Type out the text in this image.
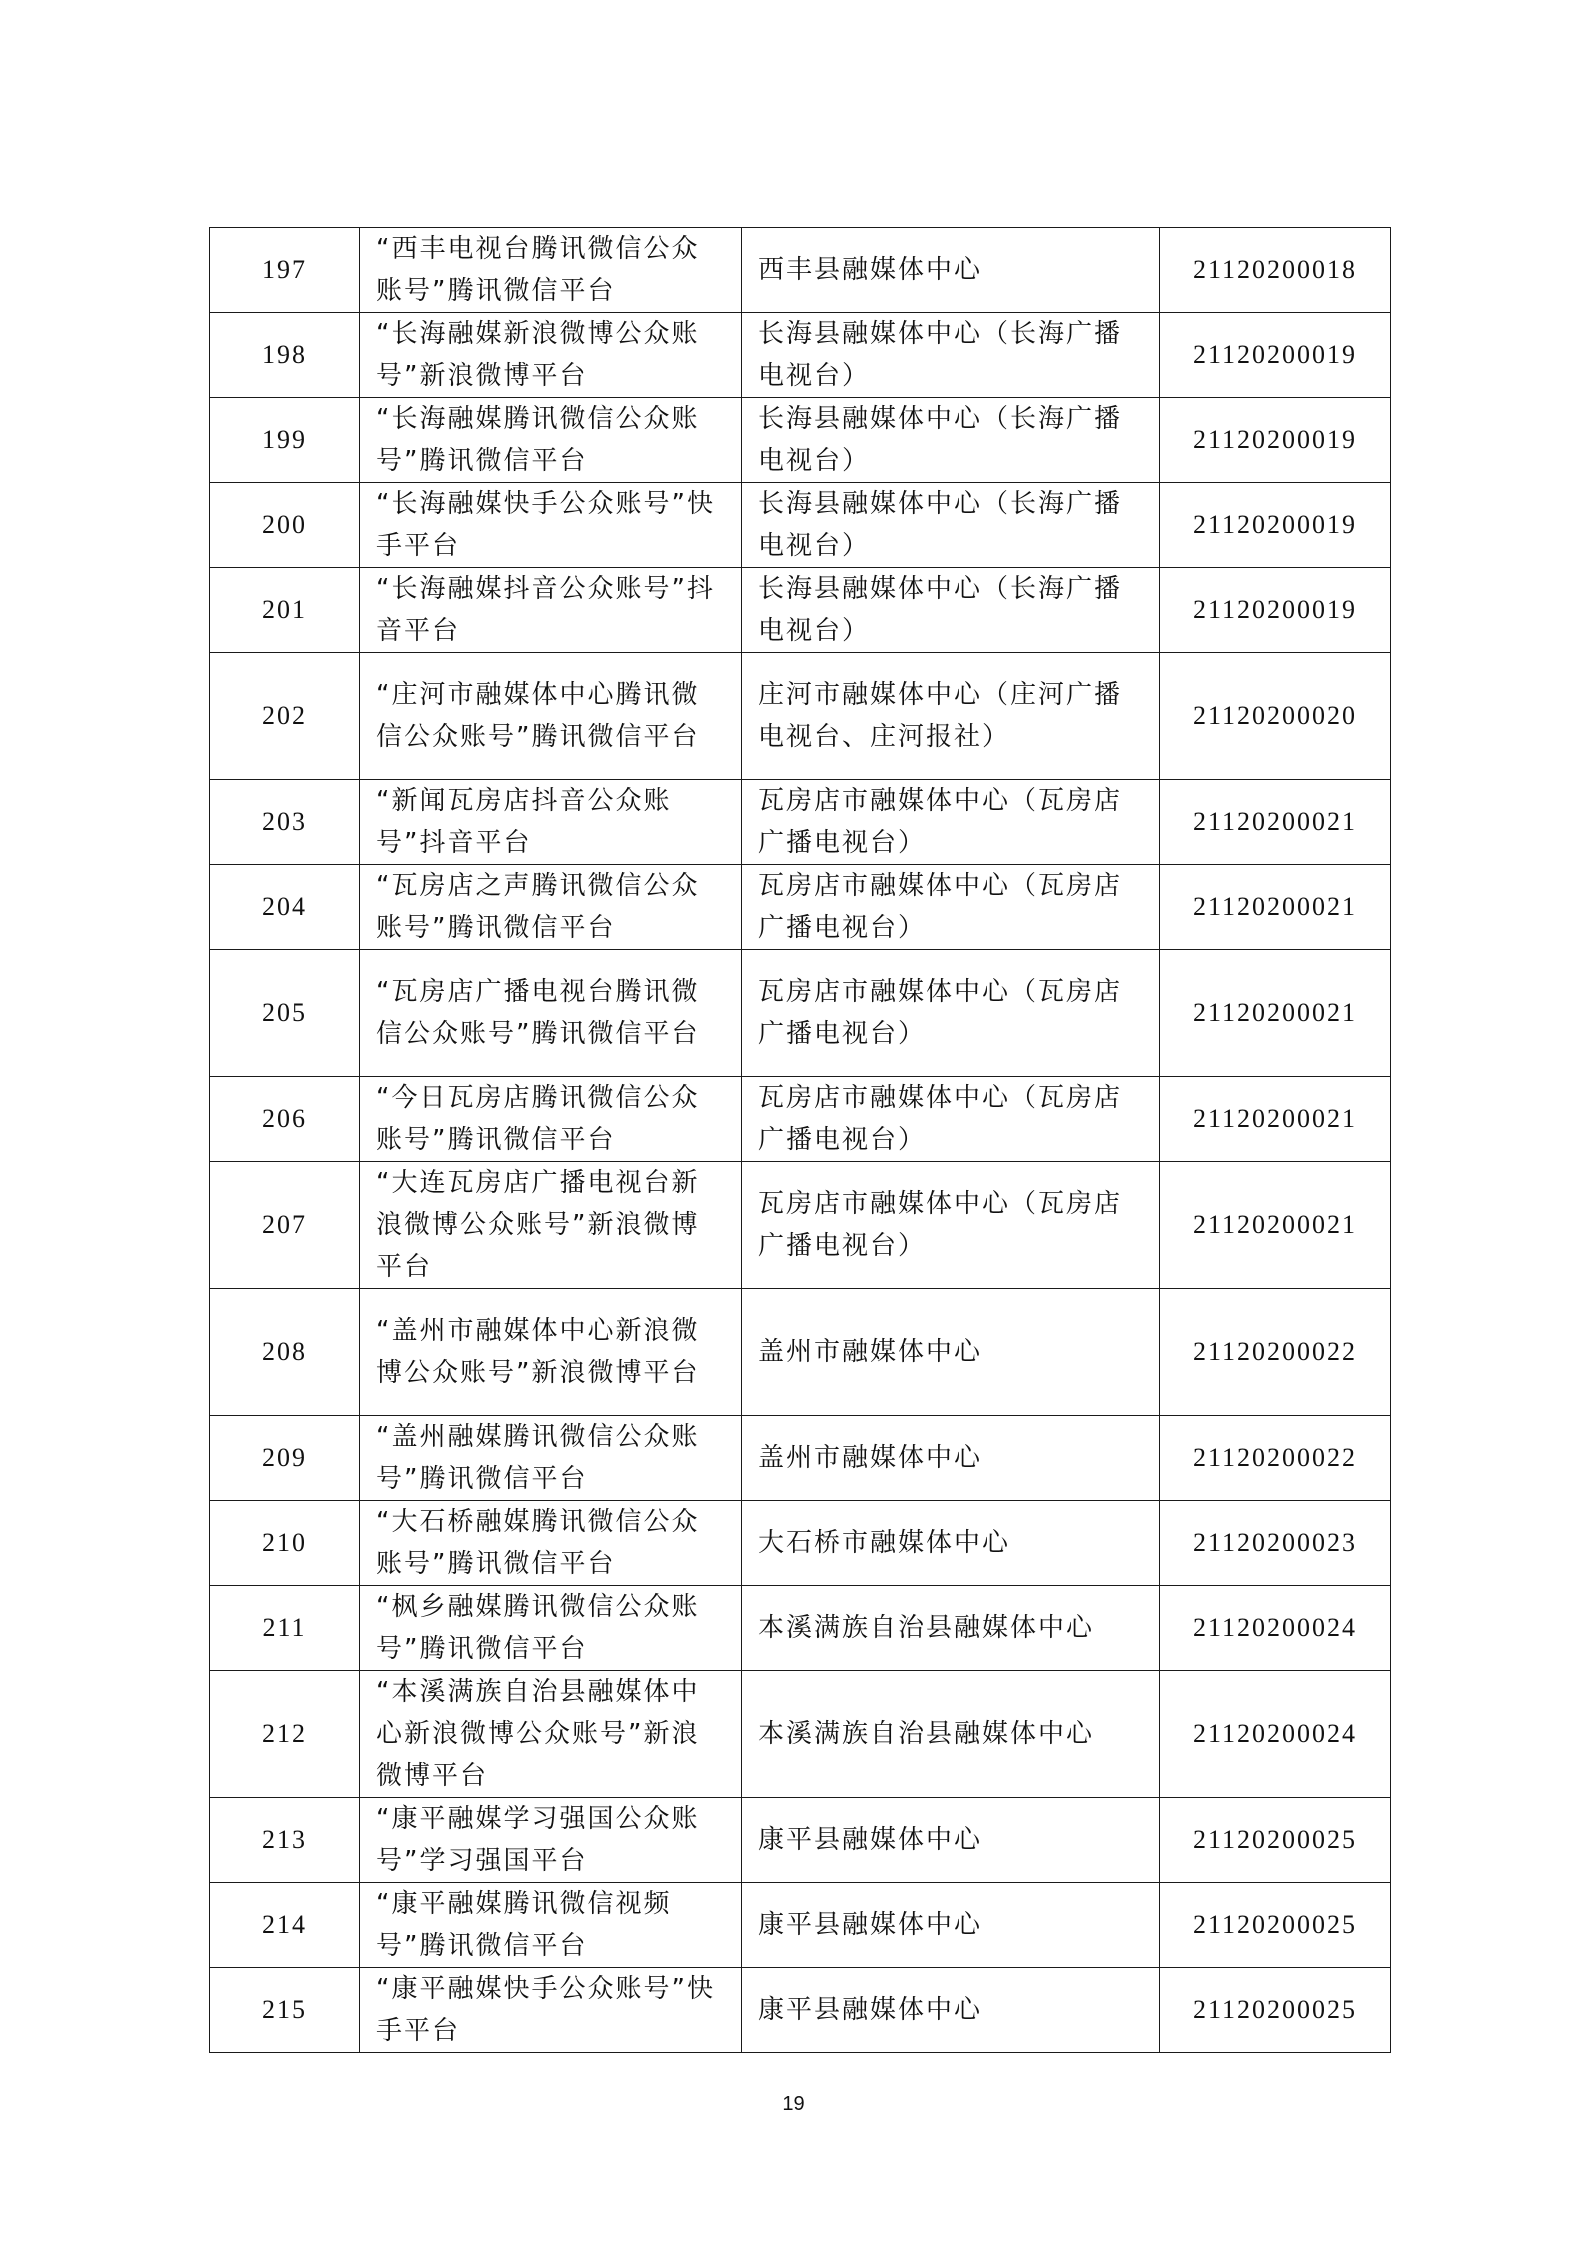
197	“西丰电视台腾讯微信公众账号”腾讯微信平台	西丰县融媒体中心	21120200018
198	“长海融媒新浪微博公众账号”新浪微博平台	长海县融媒体中心（长海广播电视台）	21120200019
199	“长海融媒腾讯微信公众账号”腾讯微信平台	长海县融媒体中心（长海广播电视台）	21120200019
200	“长海融媒快手公众账号”快手平台	长海县融媒体中心（长海广播电视台）	21120200019
201	“长海融媒抖音公众账号”抖音平台	长海县融媒体中心（长海广播电视台）	21120200019
202	“庄河市融媒体中心腾讯微信公众账号”腾讯微信平台	庄河市融媒体中心（庄河广播电视台、庄河报社）	21120200020
203	“新闻瓦房店抖音公众账号”抖音平台	瓦房店市融媒体中心（瓦房店广播电视台）	21120200021
204	“瓦房店之声腾讯微信公众账号”腾讯微信平台	瓦房店市融媒体中心（瓦房店广播电视台）	21120200021
205	“瓦房店广播电视台腾讯微信公众账号”腾讯微信平台	瓦房店市融媒体中心（瓦房店广播电视台）	21120200021
206	“今日瓦房店腾讯微信公众账号”腾讯微信平台	瓦房店市融媒体中心（瓦房店广播电视台）	21120200021
207	“大连瓦房店广播电视台新浪微博公众账号”新浪微博平台	瓦房店市融媒体中心（瓦房店广播电视台）	21120200021
208	“盖州市融媒体中心新浪微博公众账号”新浪微博平台	盖州市融媒体中心	21120200022
209	“盖州融媒腾讯微信公众账号”腾讯微信平台	盖州市融媒体中心	21120200022
210	“大石桥融媒腾讯微信公众账号”腾讯微信平台	大石桥市融媒体中心	21120200023
211	“枫乡融媒腾讯微信公众账号”腾讯微信平台	本溪满族自治县融媒体中心	21120200024
212	“本溪满族自治县融媒体中心新浪微博公众账号”新浪微博平台	本溪满族自治县融媒体中心	21120200024
213	“康平融媒学习强国公众账号”学习强国平台	康平县融媒体中心	21120200025
214	“康平融媒腾讯微信视频号”腾讯微信平台	康平县融媒体中心	21120200025
215	“康平融媒快手公众账号”快手平台	康平县融媒体中心	21120200025
19
